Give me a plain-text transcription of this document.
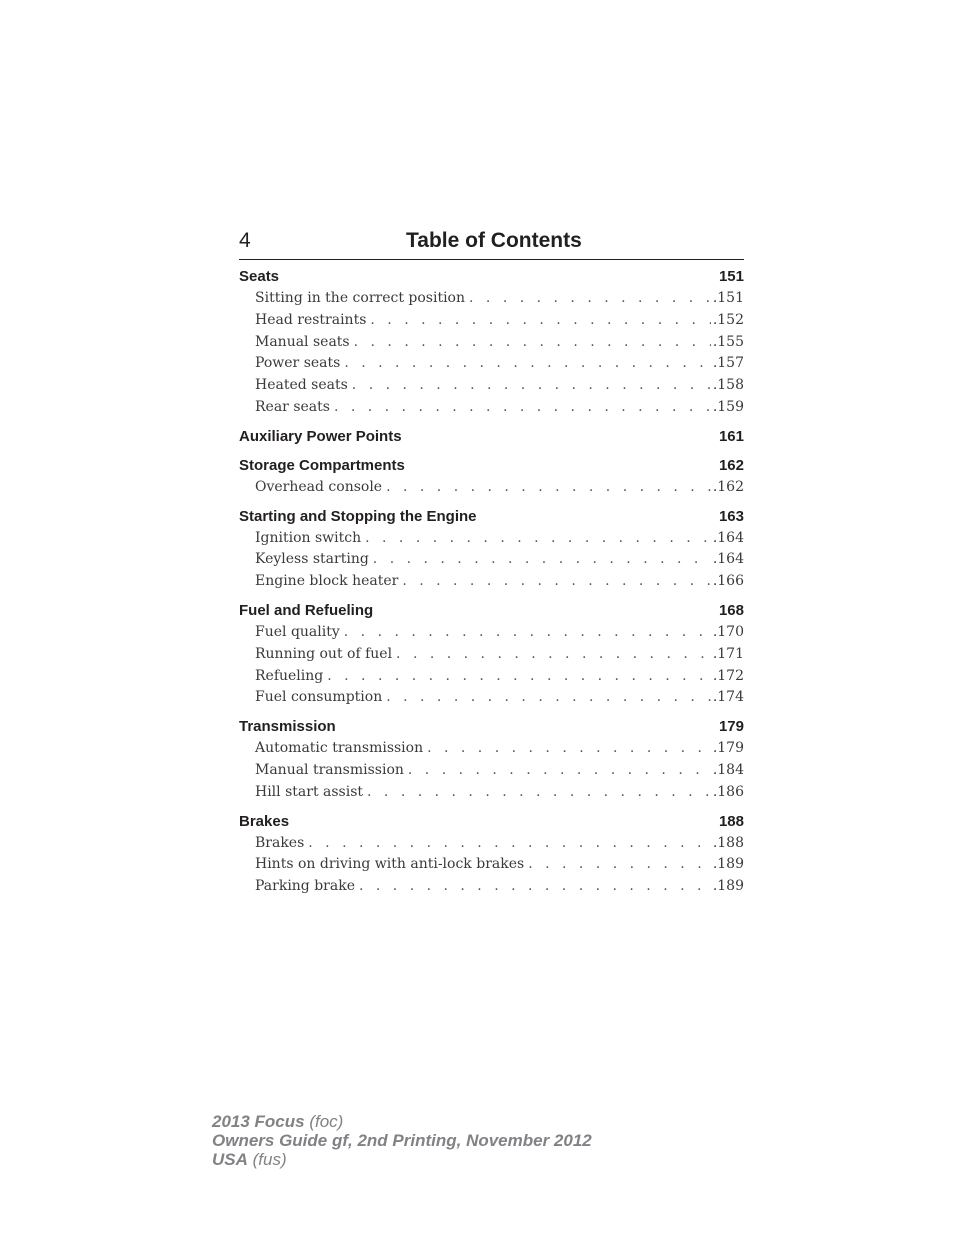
4	Table of Contents
Seats	151
Sitting in the correct position . . .	.151
Head restraints . . .	.152
Manual seats . . .	.155
Power seats . . .	.157
Heated seats . . .	.158
Rear seats . . .	.159
Auxiliary Power Points	161
Storage Compartments	162
Overhead console . . .	.162
Starting and Stopping the Engine	163
Ignition switch . . .	.164
Keyless starting . . .	.164
Engine block heater . . .	.166
Fuel and Refueling	168
Fuel quality . . .	.170
Running out of fuel . . .	.171
Refueling . . .	.172
Fuel consumption . . .	.174
Transmission	179
Automatic transmission . . .	.179
Manual transmission . . .	.184
Hill start assist . . .	.186
Brakes	188
Brakes . . .	.188
Hints on driving with anti-lock brakes . . .	.189
Parking brake . . .	.189
2013 Focus (foc)
Owners Guide gf, 2nd Printing, November 2012
USA (fus)
